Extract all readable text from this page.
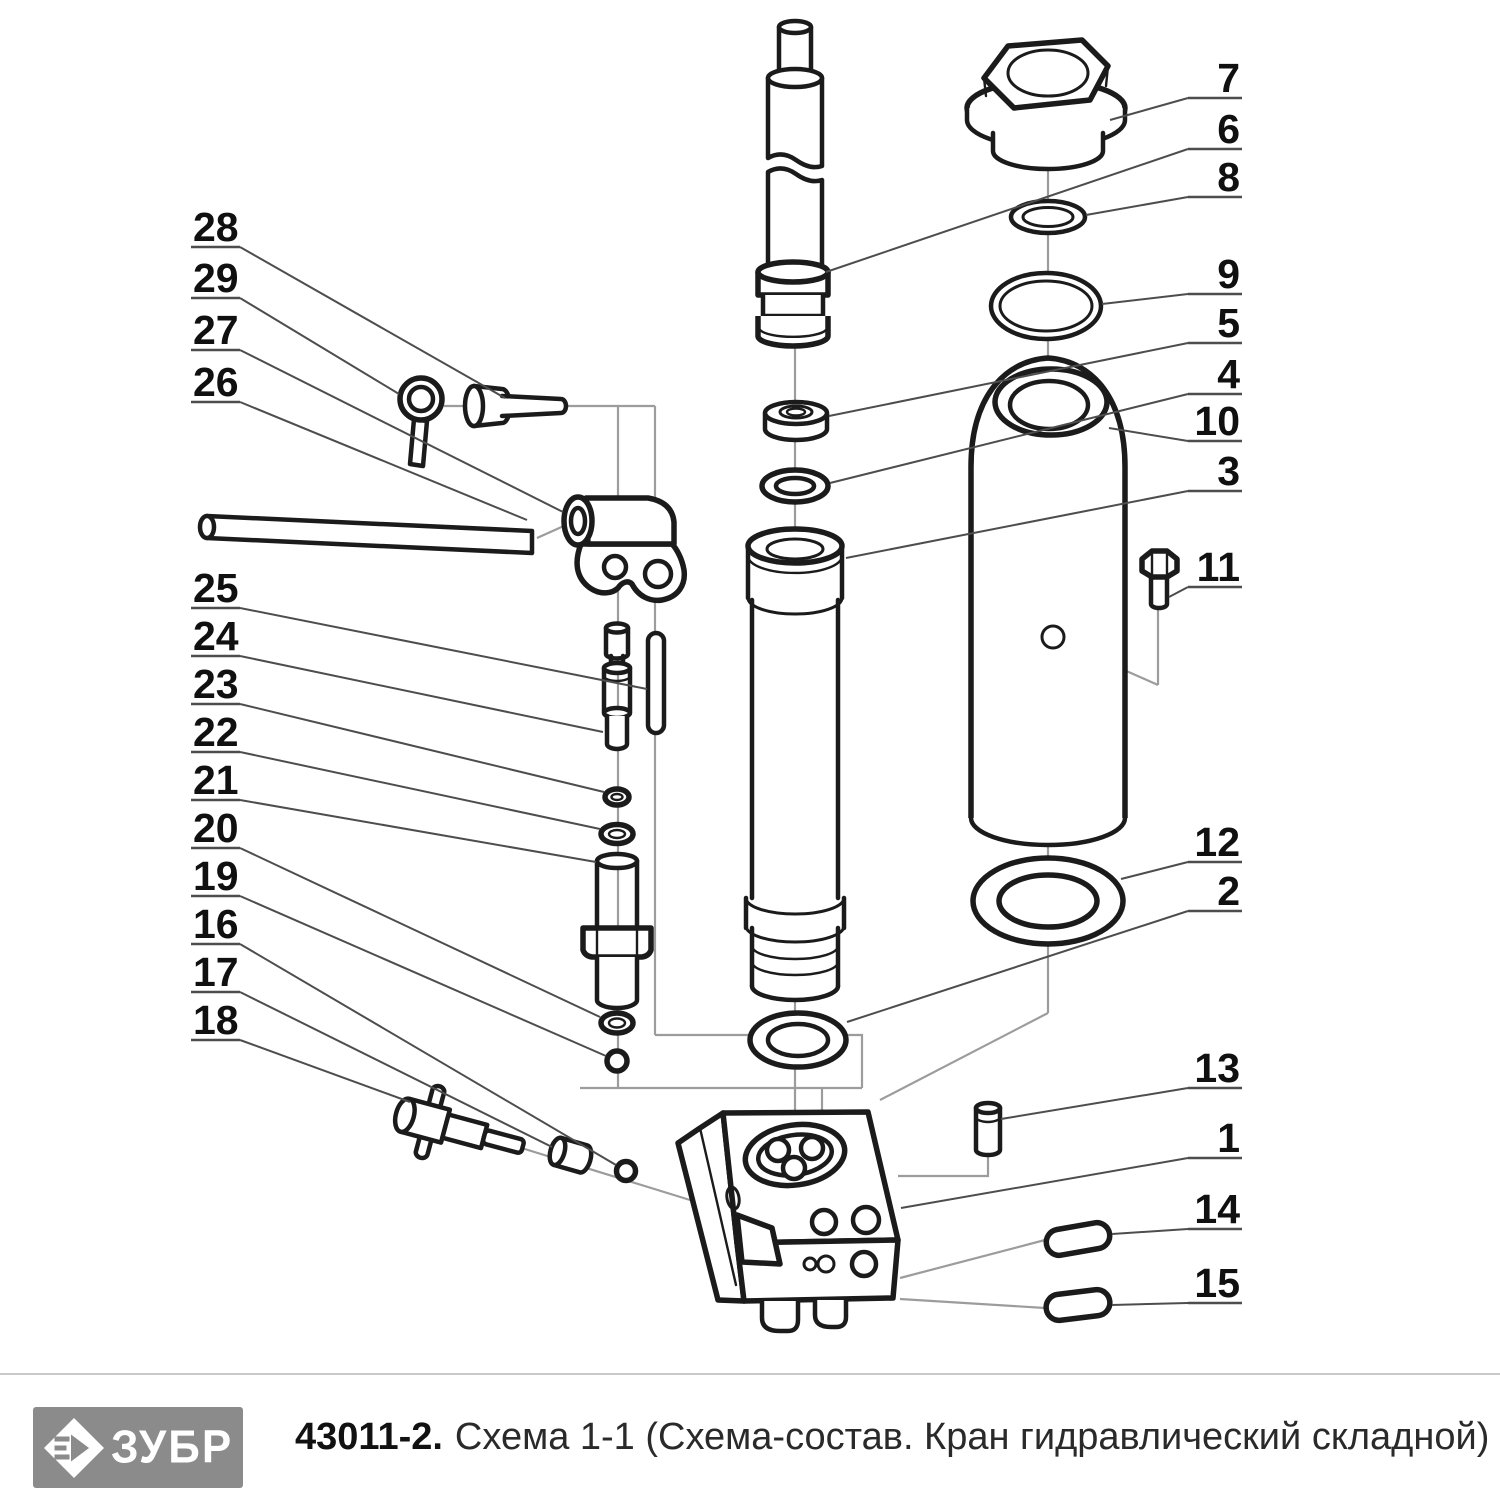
28
29
27
26
25
24
23
22
21
20
19
16
17
18
7
6
8
9
5
4
10
3
11
12
2
13
1
14
15
ЗУБР 43011-2. Схема 1-1 (Схема-состав. Кран гидравлический складной)
